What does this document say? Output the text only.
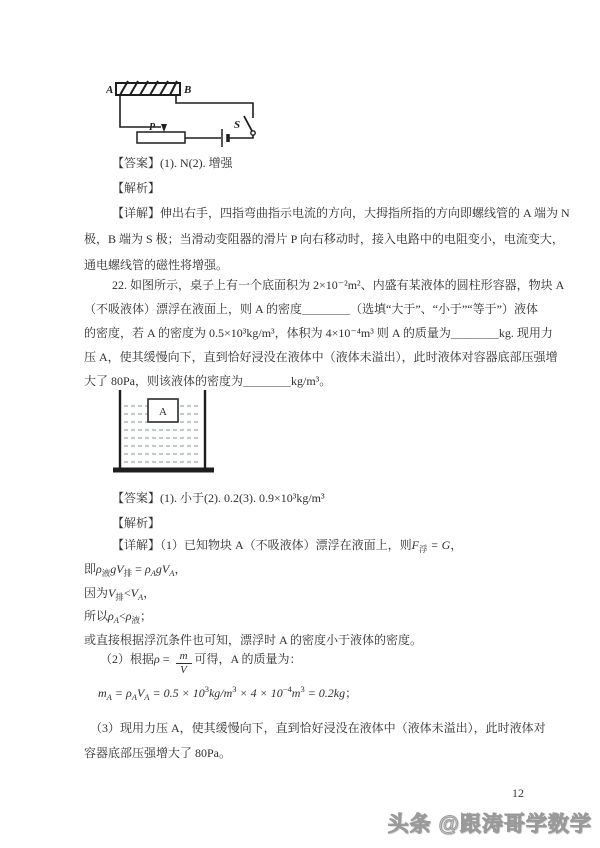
A	B
P	S
【答案】(1). N(2). 增强
【解析】
【详解】伸出右手，四指弯曲指示电流的方向，大拇指所指的方向即螺线管的 A 端为 N
极，B 端为 S 极；当滑动变阻器的滑片 P 向右移动时，接入电路中的电阻变小，电流变大，
通电螺线管的磁性将增强。
22. 如图所示，桌子上有一个底面积为 2×10⁻²m²、内盛有某液体的圆柱形容器，物块 A
（不吸液体）漂浮在液面上，则 A 的密度＿＿＿＿（选填“大于”、“小于”“等于”）液体
的密度，若 A 的密度为 0.5×10³kg/m³，体积为 4×10⁻⁴m³ 则 A 的质量为＿＿＿＿kg. 现用力
压 A，使其缓慢向下，直到恰好浸没在液体中（液体未溢出），此时液体对容器底部压强增
大了 80Pa，则该液体的密度为＿＿＿＿kg/m³。
A
【答案】(1). 小于(2). 0.2(3). 0.9×10³kg/m³
【解析】
【详解】（1）已知物块 A（不吸液体）漂浮在液面上，则$F_浮 = G$，
即$\rho_液gV_排 = \rho_AgV_A$，
因为$V_排<V_A$，
所以$\rho_A<\rho_液$；
或直接根据浮沉条件也可知，漂浮时 A 的密度小于液体的密度。
（2）根据$\rho = \frac{m}{V}$ 可得，A 的质量为：
$m_A = \rho_AV_A = 0.5 \times 10^3kg/m^3 \times 4 \times 10^{-4}m^3 = 0.2kg$；
（3）现用力压 A，使其缓慢向下，直到恰好浸没在液体中（液体未溢出），此时液体对
容器底部压强增大了 80Pa。
12
头条 @跟涛哥学数学
